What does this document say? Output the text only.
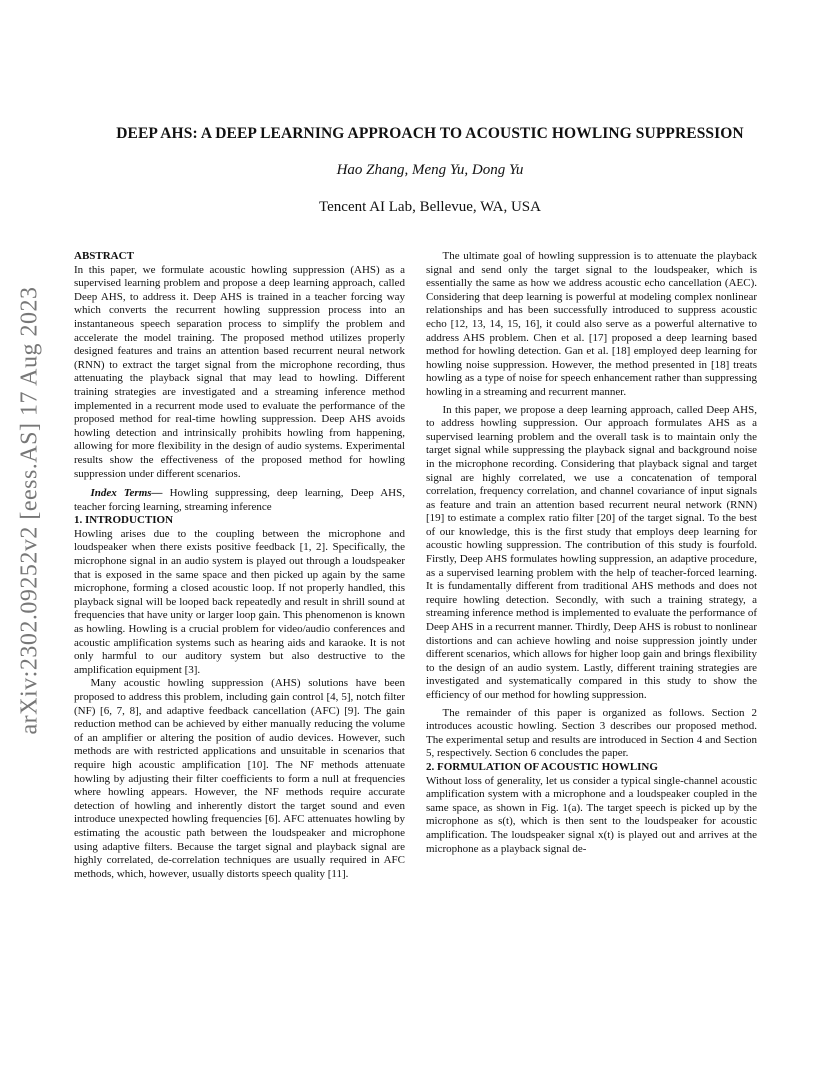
arXiv:2302.09252v2 [eess.AS] 17 Aug 2023
DEEP AHS: A DEEP LEARNING APPROACH TO ACOUSTIC HOWLING SUPPRESSION
Hao Zhang, Meng Yu, Dong Yu
Tencent AI Lab, Bellevue, WA, USA

ABSTRACT

In this paper, we formulate acoustic howling suppression (AHS) as a supervised learning problem and propose a deep learning approach, called Deep AHS, to address it. Deep AHS is trained in a teacher forcing way which converts the recurrent howling suppression process into an instantaneous speech separation process to simplify the problem and accelerate the model training. The proposed method utilizes properly designed features and trains an attention based recurrent neural network (RNN) to extract the target signal from the microphone recording, thus attenuating the playback signal that may lead to howling. Different training strategies are investigated and a streaming inference method implemented in a recurrent mode used to evaluate the performance of the proposed method for real-time howling suppression. Deep AHS avoids howling detection and intrinsically prohibits howling from happening, allowing for more flexibility in the design of audio systems. Experimental results show the effectiveness of the proposed method for howling suppression under different scenarios.

Index Terms— Howling suppressing, deep learning, Deep AHS, teacher forcing learning, streaming inference

1. INTRODUCTION

Howling arises due to the coupling between the microphone and loudspeaker when there exists positive feedback [1, 2]. Specifically, the microphone signal in an audio system is played out through a loudspeaker that is exposed in the same space and then picked up again by the same microphone, forming a closed acoustic loop. If not properly handled, this playback signal will be looped back repeatedly and result in shrill sound at frequencies that have unity or larger loop gain. This phenomenon is known as howling. Howling is a crucial problem for video/audio conferences and acoustic amplification systems such as hearing aids and karaoke. It is not only harmful to our auditory system but also destructive to the amplification equipment [3].

Many acoustic howling suppression (AHS) solutions have been proposed to address this problem, including gain control [4, 5], notch filter (NF) [6, 7, 8], and adaptive feedback cancellation (AFC) [9]. The gain reduction method can be achieved by either manually reducing the volume of an amplifier or altering the position of audio devices. However, such methods are with restricted applications and unsuitable in scenarios that require high acoustic amplification [10]. The NF methods attenuate howling by adjusting their filter coefficients to form a null at frequencies where howling appears. However, the NF methods require accurate detection of howling and inherently distort the target sound and even introduce unexpected howling frequencies [6]. AFC attenuates howling by estimating the acoustic path between the loudspeaker and microphone using adaptive filters. Because the target signal and playback signal are highly correlated, de-correlation techniques are usually required in AFC methods, which, however, usually distorts speech quality [11].

The ultimate goal of howling suppression is to attenuate the playback signal and send only the target signal to the loudspeaker, which is essentially the same as how we address acoustic echo cancellation (AEC). Considering that deep learning is powerful at modeling complex nonlinear relationships and has been successfully introduced to suppress acoustic echo [12, 13, 14, 15, 16], it could also serve as a powerful alternative to address AHS problem. Chen et al. [17] proposed a deep learning based method for howling detection. Gan et al. [18] employed deep learning for howling noise suppression. However, the method presented in [18] treats howling as a type of noise for speech enhancement rather than suppressing howling in a streaming and recurrent manner.

In this paper, we propose a deep learning approach, called Deep AHS, to address howling suppression. Our approach formulates AHS as a supervised learning problem and the overall task is to maintain only the target signal while suppressing the playback signal and background noise in the microphone recording. Considering that playback signal and target signal are highly correlated, we use a concatenation of temporal correlation, frequency correlation, and channel covariance of input signals as feature and train an attention based recurrent neural network (RNN) [19] to estimate a complex ratio filter [20] of the target signal. To the best of our knowledge, this is the first study that employs deep learning for acoustic howling suppression. The contribution of this study is fourfold. Firstly, Deep AHS formulates howling suppression, an adaptive procedure, as a supervised learning problem with the help of teacher-forced learning. It is fundamentally different from traditional AHS methods and does not require howling detection. Secondly, with such a training strategy, a streaming inference method is implemented to evaluate the performance of Deep AHS in a recurrent manner. Thirdly, Deep AHS is robust to nonlinear distortions and can achieve howling and noise suppression jointly under different scenarios, which allows for higher loop gain and brings flexibility to the design of an audio system. Lastly, different training strategies are investigated and systematically compared in this study to show the efficiency of our method for howling suppression.

The remainder of this paper is organized as follows. Section 2 introduces acoustic howling. Section 3 describes our proposed method. The experimental setup and results are introduced in Section 4 and Section 5, respectively. Section 6 concludes the paper.

2. FORMULATION OF ACOUSTIC HOWLING

Without loss of generality, let us consider a typical single-channel acoustic amplification system with a microphone and a loudspeaker coupled in the same space, as shown in Fig. 1(a). The target speech is picked up by the microphone as s(t), which is then sent to the loudspeaker for acoustic amplification. The loudspeaker signal x(t) is played out and arrives at the microphone as a playback signal de-
